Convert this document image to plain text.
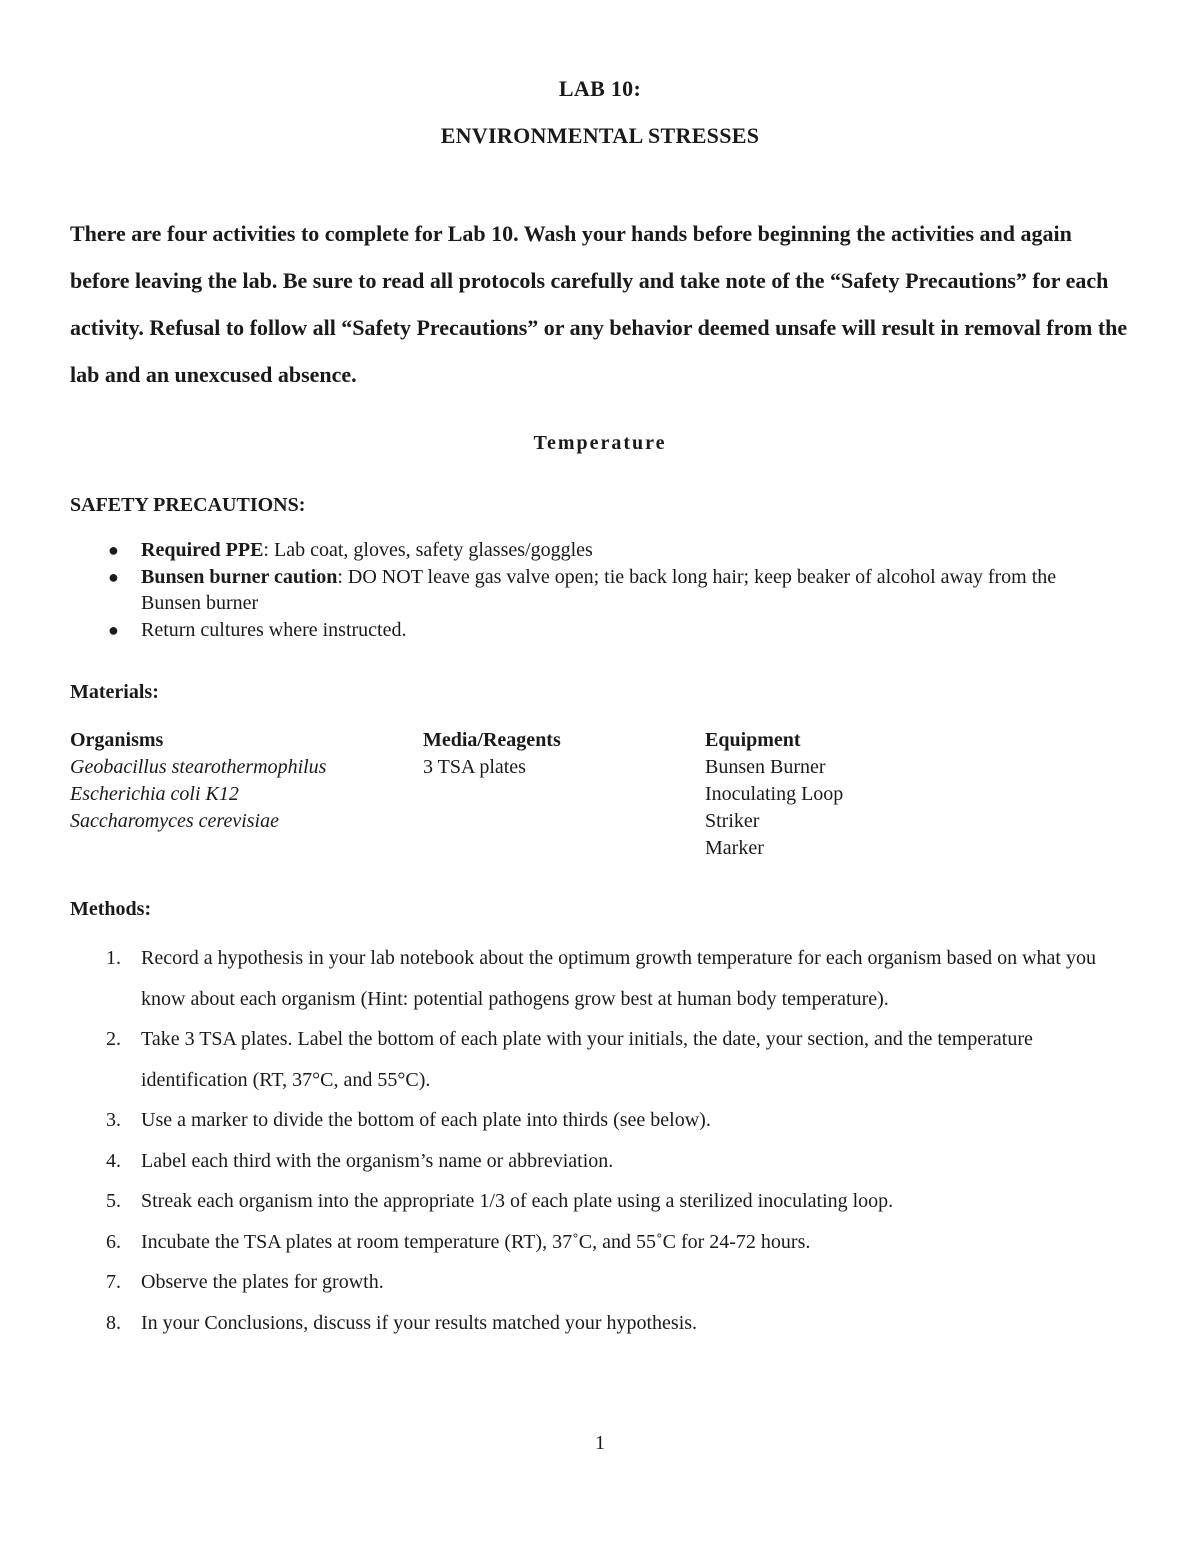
LAB 10:
ENVIRONMENTAL STRESSES

There are four activities to complete for Lab 10. Wash your hands before beginning the activities and again before leaving the lab. Be sure to read all protocols carefully and take note of the “Safety Precautions” for each activity. Refusal to follow all “Safety Precautions” or any behavior deemed unsafe will result in removal from the lab and an unexcused absence.

Temperature
SAFETY PRECAUTIONS:
● Required PPE: Lab coat, gloves, safety glasses/goggles
● Bunsen burner caution: DO NOT leave gas valve open; tie back long hair; keep beaker of alcohol away from the Bunsen burner
● Return cultures where instructed.
Materials:
Organisms
Geobacillus stearothermophilus
Escherichia coli K12
Saccharomyces cerevisiae
Media/Reagents
3 TSA plates
Equipment
Bunsen Burner
Inoculating Loop
Striker
Marker
Methods:
1. Record a hypothesis in your lab notebook about the optimum growth temperature for each organism based on what you know about each organism (Hint: potential pathogens grow best at human body temperature).
2. Take 3 TSA plates. Label the bottom of each plate with your initials, the date, your section, and the temperature identification (RT, 37°C, and 55°C).
3. Use a marker to divide the bottom of each plate into thirds (see below).
4. Label each third with the organism’s name or abbreviation.
5. Streak each organism into the appropriate 1/3 of each plate using a sterilized inoculating loop.
6. Incubate the TSA plates at room temperature (RT), 37˚C, and 55˚C for 24-72 hours.
7. Observe the plates for growth.
8. In your Conclusions, discuss if your results matched your hypothesis.
1
